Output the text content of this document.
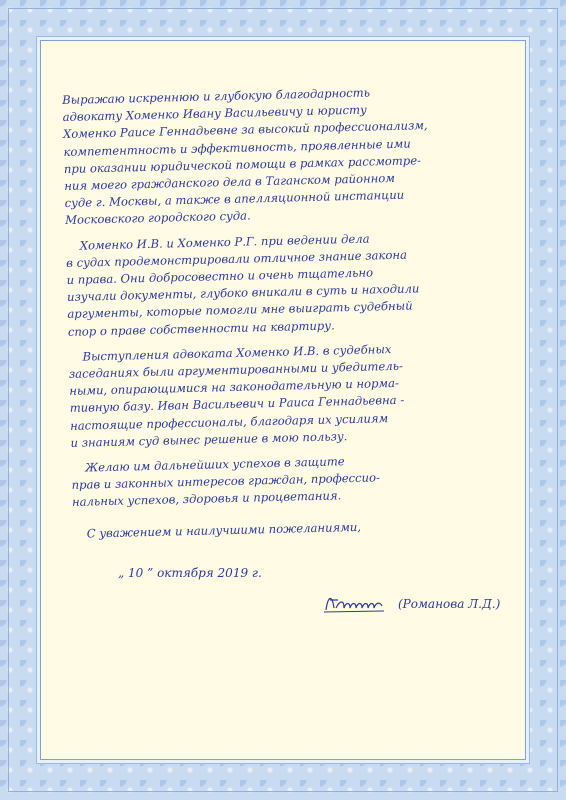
Выражаю искреннюю и глубокую благодарность
адвокату Хоменко Ивану Васильевичу и юристу
Хоменко Раисе Геннадьевне за высокий профессионализм,
компетентность и эффективность, проявленные ими
при оказании юридической помощи в рамках рассмотре-
ния моего гражданского дела в Таганском районном
суде г. Москвы, а также в апелляционной инстанции
Московского городского суда.
Хоменко И.В. и Хоменко Р.Г. при ведении дела
в судах продемонстрировали отличное знание закона
и права. Они добросовестно и очень тщательно
изучали документы, глубоко вникали в суть и находили
аргументы, которые помогли мне выиграть судебный
спор о праве собственности на квартиру.
Выступления адвоката Хоменко И.В. в судебных
заседаниях были аргументированными и убедитель-
ными, опирающимися на законодательную и норма-
тивную базу. Иван Васильевич и Раиса Геннадьевна -
настоящие профессионалы, благодаря их усилиям
и знаниям суд вынес решение в мою пользу.
Желаю им дальнейших успехов в защите
прав и законных интересов граждан, профессио-
нальных успехов, здоровья и процветания.
С уважением и наилучшими пожеланиями,
„ 10 ” октября 2019 г.
(Романова Л.Д.)
